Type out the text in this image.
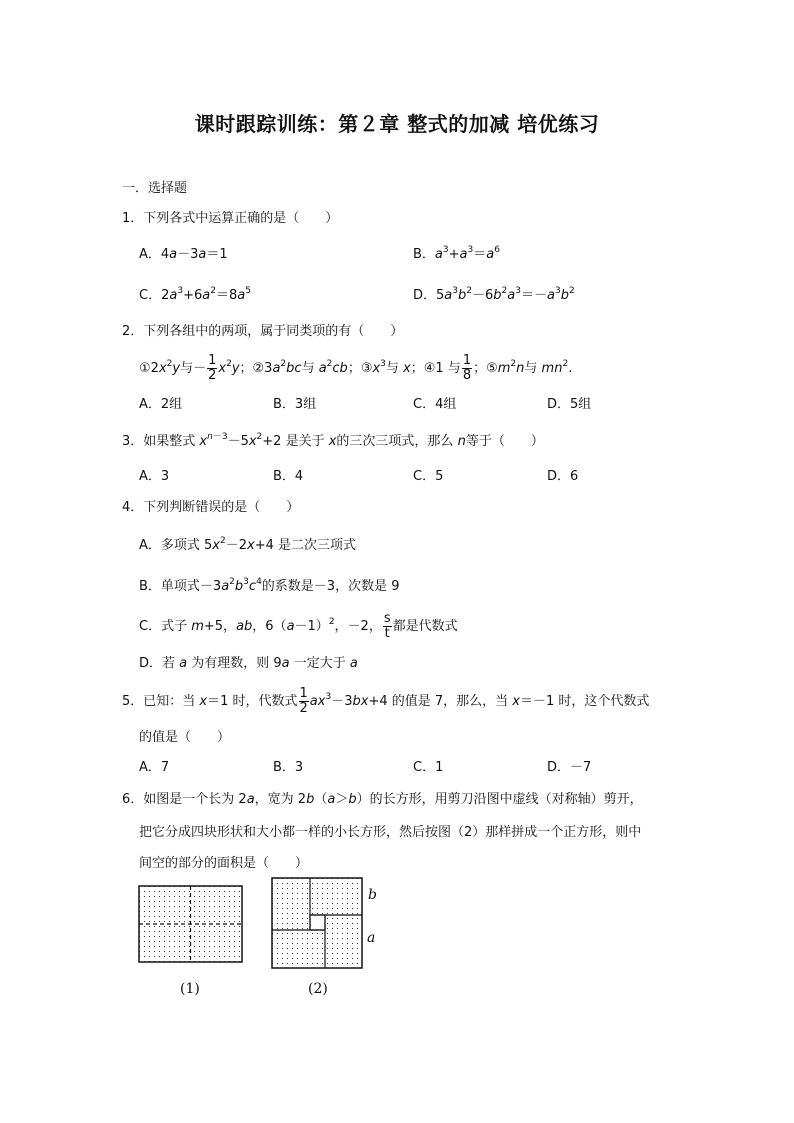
课时跟踪训练：第２章 整式的加减 培优练习
一．选择题
1．下列各式中运算正确的是（　　）
A．4a－3a＝1	B．$a^3+a^3=a^6$
C．$2a^3+6a^2=8a^5$	D．$5a^3b^2-6b^2a^3=-a^3b^2$
2．下列各组中的两项，属于同类项的有（　　）
$①2x^2y$与－ $\frac{1}{2} x^2y$；$②3a^2bc$与 $a^2cb$；$③x^3$与 x；④1 与 $\frac{1}{8}$ ；$⑤m^2n$与 $mn^2$.
A．2组	B．3组	C．4组	D．5组
3．如果整式 $x^{n-3}-5x^2+2$ 是关于 x的三次三项式，那么 n等于（　　）
A．3	B．4	C．5	D．6
4．下列判断错误的是（　　）
A．多项式 $5x^2-2x+4$ 是二次三项式
B．单项式$-3a^2b^3c^4$的系数是－3，次数是 9
C．式子 m+5，ab，$6(a-1)^2$，－2， $\frac{s}{t}$ 都是代数式
D．若 a 为有理数，则 9a 一定大于 a
5．已知：当 x＝1 时，代数式 $\frac{1}{2} ax^3-3bx+4$ 的值是 7，那么，当 x＝－1 时，这个代数式
的值是（　　）
A．7	B．3	C．1	D．－7
6．如图是一个长为 2a，宽为 2b（a＞b）的长方形，用剪刀沿图中虚线（对称轴）剪开，
把它分成四块形状和大小都一样的小长方形，然后按图（2）那样拼成一个正方形，则中
间空的部分的面积是（　　）
(1)
b
a
(2)
